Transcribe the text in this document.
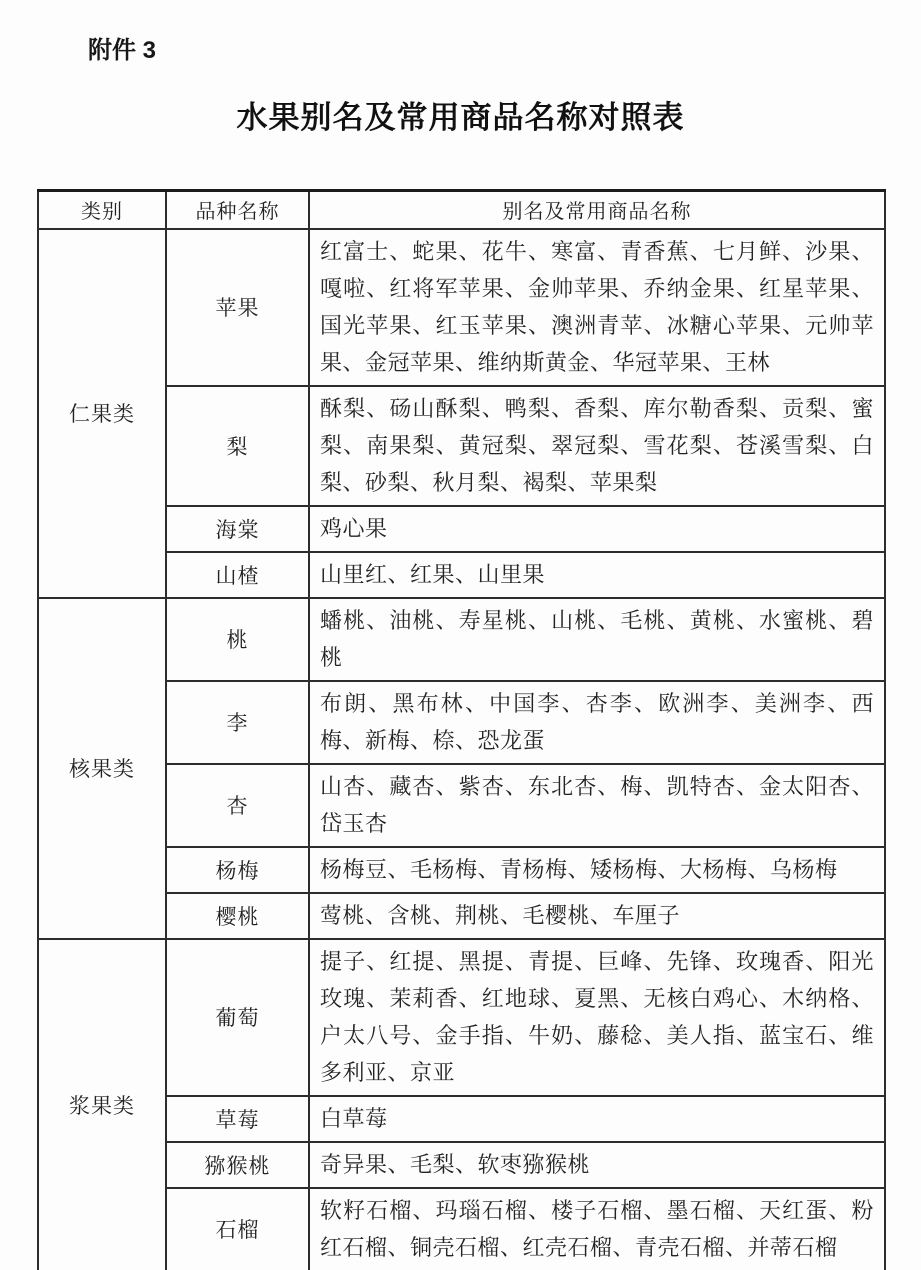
附件 3
水果别名及常用商品名称对照表
类别	品种名称	别名及常用商品名称
仁果类	苹果	红富士、蛇果、花牛、寒富、青香蕉、七月鲜、沙果、嘎啦、红将军苹果、金帅苹果、乔纳金果、红星苹果、国光苹果、红玉苹果、澳洲青苹、冰糖心苹果、元帅苹果、金冠苹果、维纳斯黄金、华冠苹果、王林
	梨	酥梨、砀山酥梨、鸭梨、香梨、库尔勒香梨、贡梨、蜜梨、南果梨、黄冠梨、翠冠梨、雪花梨、苍溪雪梨、白梨、砂梨、秋月梨、褐梨、苹果梨
	海棠	鸡心果
	山楂	山里红、红果、山里果
核果类	桃	蟠桃、油桃、寿星桃、山桃、毛桃、黄桃、水蜜桃、碧桃
	李	布朗、黑布林、中国李、杏李、欧洲李、美洲李、西梅、新梅、㮈、恐龙蛋
	杏	山杏、藏杏、紫杏、东北杏、梅、凯特杏、金太阳杏、岱玉杏
	杨梅	杨梅豆、毛杨梅、青杨梅、矮杨梅、大杨梅、乌杨梅
	樱桃	莺桃、含桃、荆桃、毛樱桃、车厘子
浆果类	葡萄	提子、红提、黑提、青提、巨峰、先锋、玫瑰香、阳光玫瑰、茉莉香、红地球、夏黑、无核白鸡心、木纳格、户太八号、金手指、牛奶、藤稔、美人指、蓝宝石、维多利亚、京亚
	草莓	白草莓
	猕猴桃	奇异果、毛梨、软枣猕猴桃
	石榴	软籽石榴、玛瑙石榴、楼子石榴、墨石榴、天红蛋、粉红石榴、铜壳石榴、红壳石榴、青壳石榴、并蒂石榴
